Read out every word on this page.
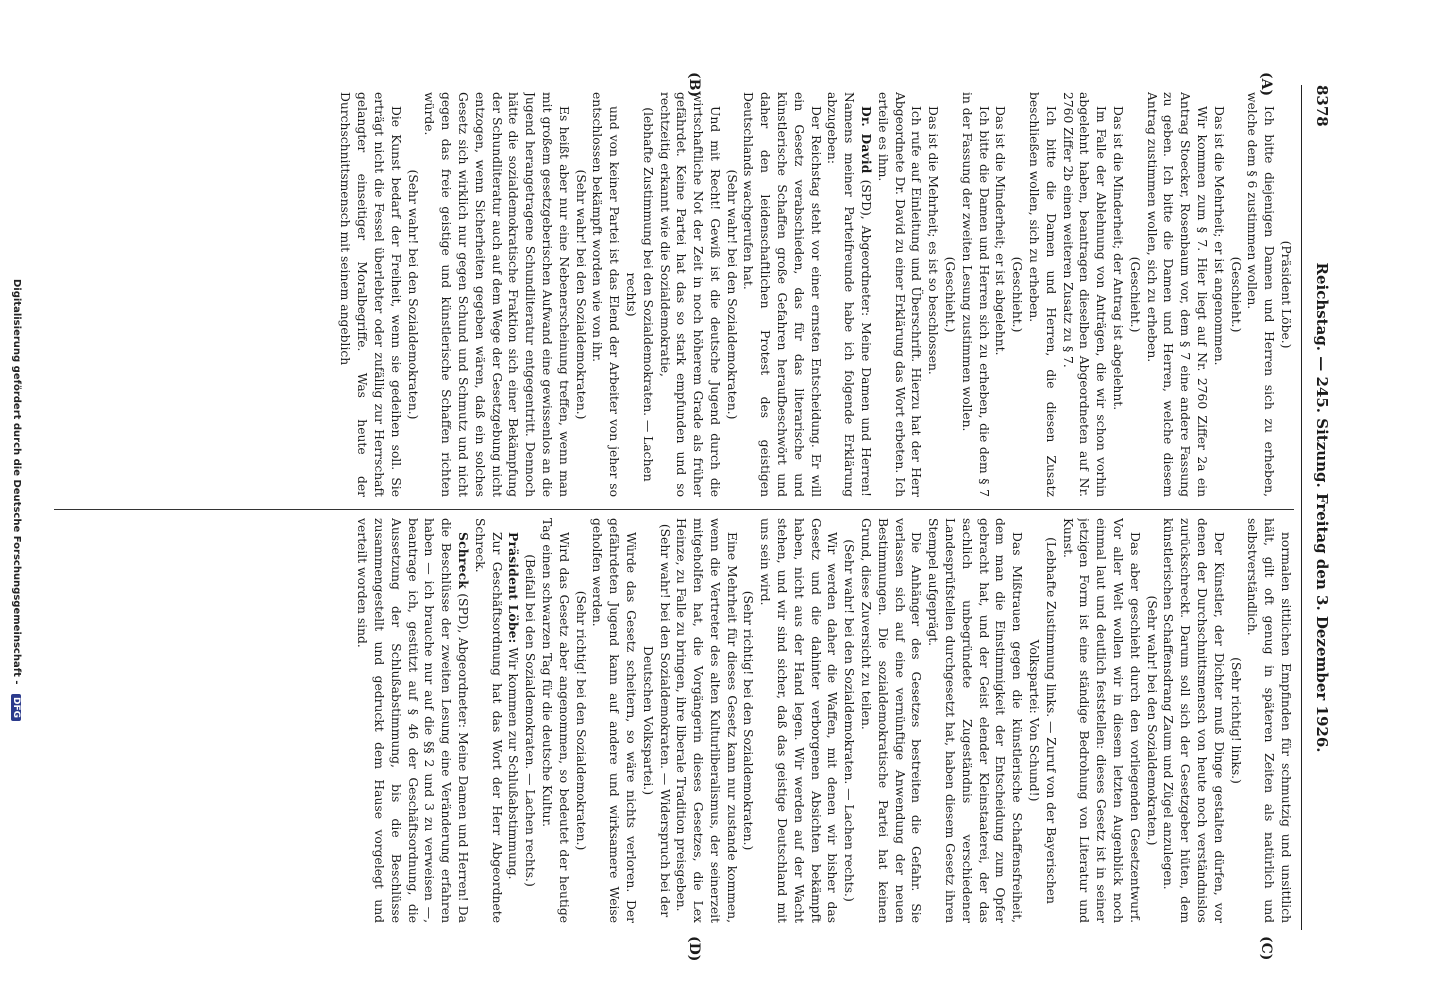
8378
Reichstag. — 245. Sitzung. Freitag den 3. Dezember 1926.
(A)
(B)
(C)
(D)

(Präsident Löbe.)

Ich bitte diejenigen Damen und Herren sich zu erheben, welche dem § 6 zustimmen wollen.

(Geschieht.)

Das ist die Mehrheit; er ist angenommen.

Wir kommen zum § 7. Hier liegt auf Nr. 2760 Ziffer 2a ein Antrag Stoecker, Rosenbaum vor, dem § 7 eine andere Fassung zu geben. Ich bitte die Damen und Herren, welche diesem Antrag zustimmen wollen, sich zu erheben.

(Geschieht.)

Das ist die Minderheit; der Antrag ist abgelehnt.

Im Falle der Ablehnung von Anträgen, die wir schon vorhin abgelehnt haben, beantragen dieselben Abgeordneten auf Nr. 2760 Ziffer 2b einen weiteren Zusatz zu § 7.

Ich bitte die Damen und Herren, die diesen Zusatz beschließen wollen, sich zu erheben.

(Geschieht.)

Das ist die Minderheit; er ist abgelehnt.

Ich bitte die Damen und Herren sich zu erheben, die dem § 7 in der Fassung der zweiten Lesung zustimmen wollen.

(Geschieht.)

Das ist die Mehrheit; es ist so beschlossen.

Ich rufe auf Einleitung und Überschrift. Hierzu hat der Herr Abgeordnete Dr. David zu einer Erklärung das Wort erbeten. Ich erteile es ihm.

Dr. David (SPD), Abgeordneter: Meine Damen und Herren! Namens meiner Parteifreunde habe ich folgende Erklärung abzugeben:

Der Reichstag steht vor einer ernsten Entscheidung. Er will ein Gesetz verabschieden, das für das literarische und künstlerische Schaffen große Gefahren heraufbeschwört und daher den leidenschaftlichen Protest des geistigen Deutschlands wachgerufen hat.

(Sehr wahr! bei den Sozialdemokraten.)

Und mit Recht! Gewiß ist die deutsche Jugend durch die wirtschaftliche Not der Zeit in noch höherem Grade als früher gefährdet. Keine Partei hat das so stark empfunden und so rechtzeitig erkannt wie die Sozialdemokratie,

(lebhafte Zustimmung bei den Sozialdemokraten. — Lachen rechts)

und von keiner Partei ist das Elend der Arbeiter von jeher so entschlossen bekämpft worden wie von ihr.

(Sehr wahr! bei den Sozialdemokraten.)

Es heißt aber nur eine Nebenerscheinung treffen, wenn man mit großem gesetzgeberischen Aufwand eine gewissenlos an die Jugend herangetragene Schundliteratur entgegentritt. Dennoch hätte die sozialdemokratische Fraktion sich einer Bekämpfung der Schundliteratur auch auf dem Wege der Gesetzgebung nicht entzogen, wenn Sicherheiten gegeben wären, daß ein solches Gesetz sich wirklich nur gegen Schund und Schmutz und nicht gegen das freie geistige und künstlerische Schaffen richten würde.

(Sehr wahr! bei den Sozialdemokraten.)

Die Kunst bedarf der Freiheit, wenn sie gedeihen soll. Sie erträgt nicht die Fessel überlebter oder zufällig zur Herrschaft gelangter einseitiger Moralbegriffe. Was heute der Durchschnittsmensch mit seinem angeblich

normalen sittlichen Empfinden für schmutzig und unsittlich hält, gilt oft genug in späteren Zeiten als natürlich und selbstverständlich.

(Sehr richtig! links.)

Der Künstler, der Dichter muß Dinge gestalten dürfen, vor denen der Durchschnittsmensch von heute noch verständnislos zurückschreckt. Darum soll sich der Gesetzgeber hüten, dem künstlerischen Schaffensdrang Zaum und Zügel anzulegen.

(Sehr wahr! bei den Sozialdemokraten.)

Das aber geschieht durch den vorliegenden Gesetzentwurf. Vor aller Welt wollen wir in diesem letzten Augenblick noch einmal laut und deutlich feststellen: dieses Gesetz ist in seiner jetzigen Form ist eine ständige Bedrohung von Literatur und Kunst.

(Lebhafte Zustimmung links. — Zuruf von der Bayerischen Volkspartei: Von Schund!)

Das Mißtrauen gegen die künstlerische Schaffensfreiheit, dem man die Einstimmigkeit der Entscheidung zum Opfer gebracht hat, und der Geist elender Kleinstaaterei, der das sachlich unbegründete Zugeständnis verschiedener Landesprüfstellen durchgesetzt hat, haben diesem Gesetz ihren Stempel aufgeprägt.

Die Anhänger des Gesetzes bestreiten die Gefahr. Sie verlassen sich auf eine vernünftige Anwendung der neuen Bestimmungen. Die sozialdemokratische Partei hat keinen Grund, diese Zuversicht zu teilen.

(Sehr wahr! bei den Sozialdemokraten. — Lachen rechts.)

Wir werden daher die Waffen, mit denen wir bisher das Gesetz und die dahinter verborgenen Absichten bekämpft haben, nicht aus der Hand legen. Wir werden auf der Wacht stehen, und wir sind sicher, daß das geistige Deutschland mit uns sein wird.

(Sehr richtig! bei den Sozialdemokraten.)

Eine Mehrheit für dieses Gesetz kann nur zustande kommen, wenn die Vertreter des alten Kulturliberalismus, der seinerzeit mitgeholfen hat, die Vorgängerin dieses Gesetzes, die Lex Heinze, zu Falle zu bringen, ihre liberale Tradition preisgeben.

(Sehr wahr! bei den Sozialdemokraten. — Widerspruch bei der Deutschen Volkspartei.)

Würde das Gesetz scheitern, so wäre nichts verloren. Der gefährdeten Jugend kann auf andere und wirksamere Weise geholfen werden.

(Sehr richtig! bei den Sozialdemokraten.)

Wird das Gesetz aber angenommen, so bedeutet der heutige Tag einen schwarzen Tag für die deutsche Kultur.

(Beifall bei den Sozialdemokraten. — Lachen rechts.)

Präsident Löbe: Wir kommen zur Schlußabstimmung.

Zur Geschäftsordnung hat das Wort der Herr Abgeordnete Schreck.

Schreck (SPD), Abgeordneter: Meine Damen und Herren! Da die Beschlüsse der zweiten Lesung eine Veränderung erfahren haben — ich brauche nur auf die §§ 2 und 3 zu verweisen —, beantrage ich, gestützt auf § 46 der Geschäftsordnung, die Aussetzung der Schlußabstimmung, bis die Beschlüsse zusammengestellt und gedruckt dem Hause vorgelegt und verteilt worden sind.

Digitalisierung gefördert durch die Deutsche Forschungsgemeinschaft - DFG
